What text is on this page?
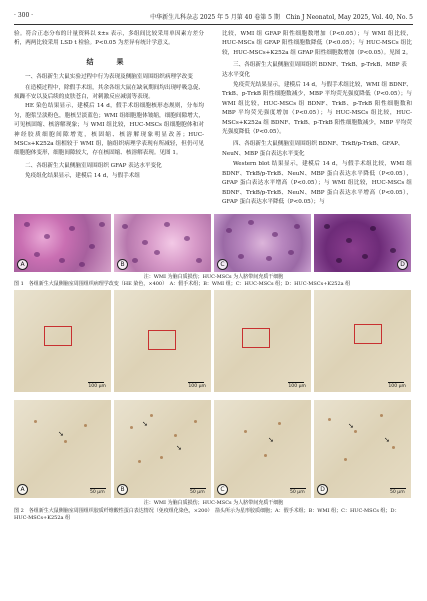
· 300 ·	中华新生儿科杂志 2025 年 5 月第 40 卷第 5 期　Chin J Neonatol, May 2025, Vol. 40, No. 5

验。符合正态分布的计量资料以 x̄±s 表示，多组间比较采用单因素方差分析，两两比较采用 LSD t 检验。P<0.05 为差异有统计学意义。

结　果
一、各组新生大鼠实验过程中行为表现及侧脑室周围组织病理学改变

在造模过程中，除假手术组，其余各组大鼠在缺氧期间均出现呼吸急促、烦躁不安以及后续的皮肤苍白，对刺激反应减弱等表现。

HE 染色结果显示，建模后 14 d，假手术组细胞核形态规则，分布均匀，胞浆呈淡粉色，胞核呈淡蓝色；WMI 组细胞胞体皱缩，细胞间隙增大，可见核固缩、核溶解现象；与 WMI 组比较，HUC-MSCs 组细胞胞体和对神经胶质细胞间隙增宽，核固缩、核溶解现象明显改善；HUC-MSCs+K252a 组相较于 WMI 组，脑组织病理学表现有所减轻，但仍可见细胞胞体变形，细胞间隙较大，存在核固缩、核溶解表现。见图 1。

二、各组新生大鼠侧脑室周围组织 GFAP 表达水平变化

免疫组化结果显示，建模后 14 d，与假手术组

比较，WMI 组 GFAP 阳性细胞数增加（P<0.05）；与 WMI 组比较，HUC-MSCs 组 GFAP 阳性细胞数降低（P<0.05）；与 HUC-MSCs 组比较，HUC-MSCs+K252a 组 GFAP 阳性细胞数增加（P<0.05）。见图 2。

三、各组新生大鼠侧脑室周围组织 BDNF、TrkB、p-TrkB、MBP 表达水平变化

免疫荧光结果显示，建模后 14 d，与假手术组比较，WMI 组 BDNF、TrkB、p-TrkB 阳性细胞数减少，MBP 平均荧光强度降低（P<0.05）；与 WMI 组比较，HUC-MSCs 组 BDNF、TrkB、p-TrkB 阳性细胞数和 MBP 平均荧光强度增加（P<0.05）；与 HUC-MSCs 组比较，HUC-MSCs+K252a 组 BDNF、TrkB、p-TrkB 阳性细胞数减少，MBP 平均荧光强度降低（P<0.05）。

四、各组新生大鼠侧脑室周围组织 BDNF、TrkB/p-TrkB、GFAP、NeuN、MBP 蛋白表达水平变化

Western blot 结果显示，建模后 14 d，与假手术组比较，WMI 组 BDNF、TrkB/p-TrkB、NeuN、MBP 蛋白表达水平降低（P<0.05），GFAP 蛋白表达水平增高（P<0.05）；与 WMI 组比较，HUC-MSCs 组 BDNF、TrkB/p-TrkB、NeuN、MBP 蛋白表达水平增高（P<0.05），GFAP 蛋白表达水平降低（P<0.05）；与

A	B	C	D
注：WMI 为脑白质损伤；HUC-MSCs 为人脐带间充质干细胞
图 1　各组新生大鼠侧脑室周围组织病理学改变（HE 染色，×400）　A：假手术组；B：WMI 组；C：HUC-MSCs 组；D：HUC-MSCs+K252a 组
100 μm	100 μm	100 μm	100 μm
➘
A	50 μm
➘
➘
B	50 μm
➘
C	50 μm
➘
➘
D	50 μm
注：WMI 为脑白质损伤；HUC-MSCs 为人脐带间充质干细胞
图 2　各组新生大鼠侧脑室周围组织胶质纤维酸性蛋白表达情况（免疫组化染色，×200）　箭头所示为星形胶质细胞；A：假手术组；B：WMI 组；C：HUC-MSCs 组；D：HUC-MSCs+K252a 组
